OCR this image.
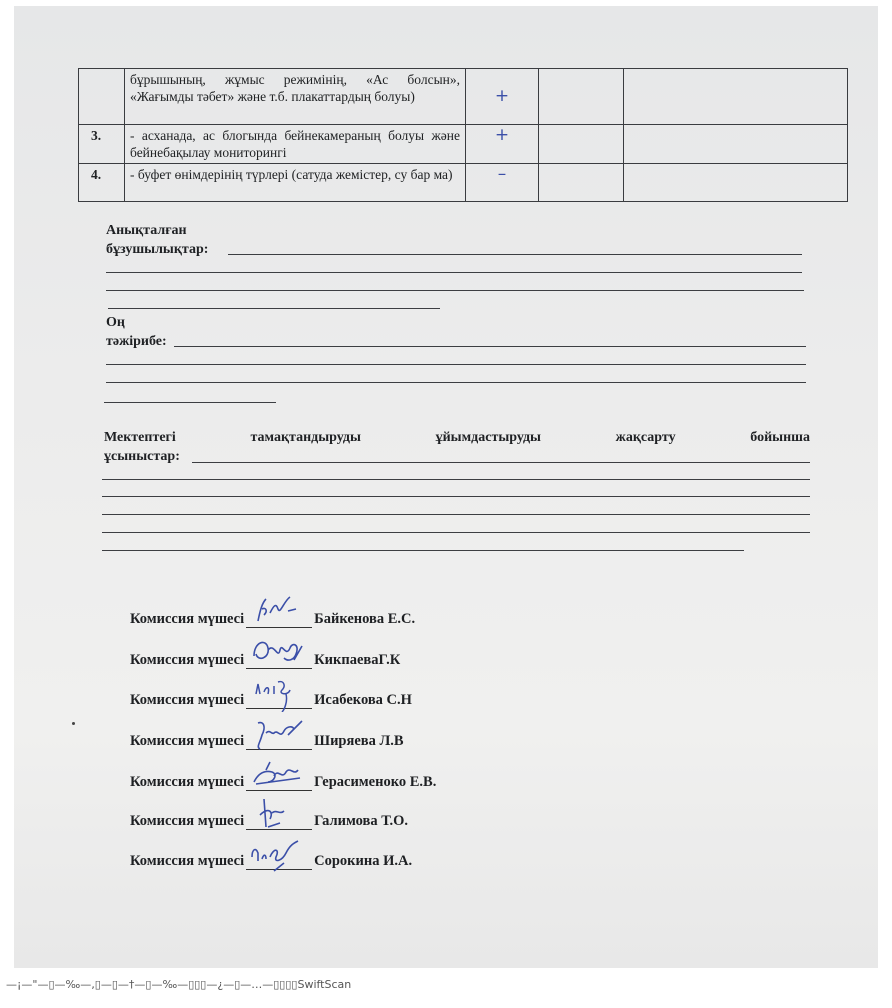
	бұрышының, жұмыс режимінің, «Ас болсын», «Жағымды тәбет» және т.б. плакаттардың болуы)	+		
3.	- асханада, ас блогында бейнекамераның болуы және бейнебақылау мониторингі	+		
4.	- буфет өнімдерінің түрлері (сатуда жемістер, су бар ма)	–		
Анықталған
бұзушылықтар:
Оң
тәжірибе:
Мектептегі	тамақтандыруды	ұйымдастыруды	жақсарту	бойынша
ұсыныстар:
Комиссия мүшесі	Байкенова Е.С.
Комиссия мүшесі	КикпаеваГ.К
Комиссия мүшесі	Исабекова С.Н
Комиссия мүшесі	Ширяева Л.В
Комиссия мүшесі	Герасименоко Е.В.
Комиссия мүшесі	Галимова Т.О.
Комиссия мүшесі	Сорокина И.А.
—¡—"—▯—‰—‚▯—▯—†—▯—‰—▯▯▯—¿—▯—…—▯▯▯▯SwiftScan
